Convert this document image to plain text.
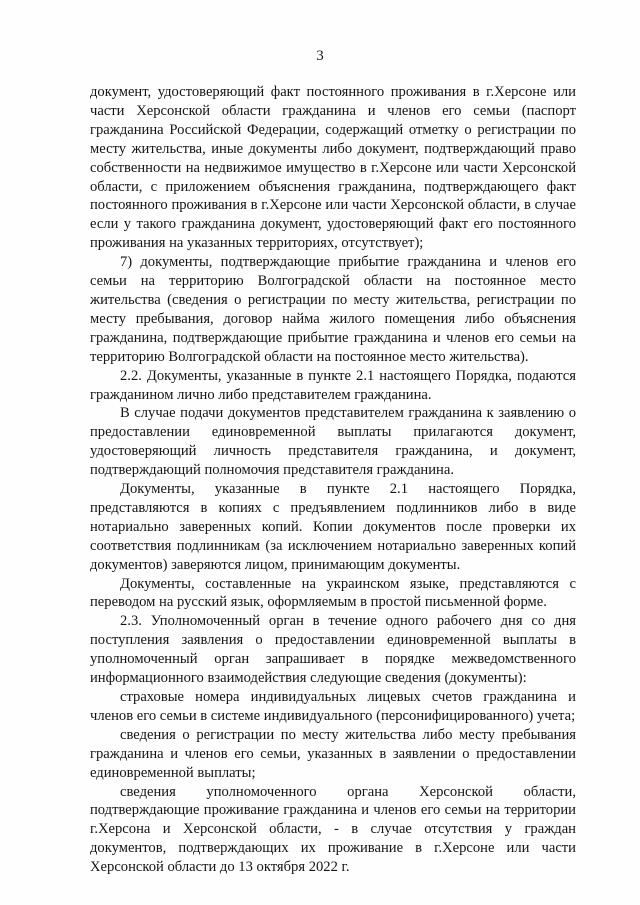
3

документ, удостоверяющий факт постоянного проживания в г.Херсоне или части Херсонской области гражданина и членов его семьи (паспорт гражданина Российской Федерации, содержащий отметку о регистрации по месту жительства, иные документы либо документ, подтверждающий право собственности на недвижимое имущество в г.Херсоне или части Херсонской области, с приложением объяснения гражданина, подтверждающего факт постоянного проживания в г.Херсоне или части Херсонской области, в случае если у такого гражданина документ, удостоверяющий факт его постоянного проживания на указанных территориях, отсутствует);

7) документы, подтверждающие прибытие гражданина и членов его семьи на территорию Волгоградской области на постоянное место жительства (сведения о регистрации по месту жительства, регистрации по месту пребывания, договор найма жилого помещения либо объяснения гражданина, подтверждающие прибытие гражданина и членов его семьи на территорию Волгоградской области на постоянное место жительства).

2.2. Документы, указанные в пункте 2.1 настоящего Порядка, подаются гражданином лично либо представителем гражданина.

В случае подачи документов представителем гражданина к заявлению о предоставлении единовременной выплаты прилагаются документ, удостоверяющий личность представителя гражданина, и документ, подтверждающий полномочия представителя гражданина.

Документы, указанные в пункте 2.1 настоящего Порядка, представляются в копиях с предъявлением подлинников либо в виде нотариально заверенных копий. Копии документов после проверки их соответствия подлинникам (за исключением нотариально заверенных копий документов) заверяются лицом, принимающим документы.

Документы, составленные на украинском языке, представляются с переводом на русский язык, оформляемым в простой письменной форме.

2.3. Уполномоченный орган в течение одного рабочего дня со дня поступления заявления о предоставлении единовременной выплаты в уполномоченный орган запрашивает в порядке межведомственного информационного взаимодействия следующие сведения (документы):

страховые номера индивидуальных лицевых счетов гражданина и членов его семьи в системе индивидуального (персонифицированного) учета;

сведения о регистрации по месту жительства либо месту пребывания гражданина и членов его семьи, указанных в заявлении о предоставлении единовременной выплаты;

сведения уполномоченного органа Херсонской области, подтверждающие проживание гражданина и членов его семьи на территории г.Херсона и Херсонской области, - в случае отсутствия у граждан документов, подтверждающих их проживание в г.Херсоне или части Херсонской области до 13 октября 2022 г.
